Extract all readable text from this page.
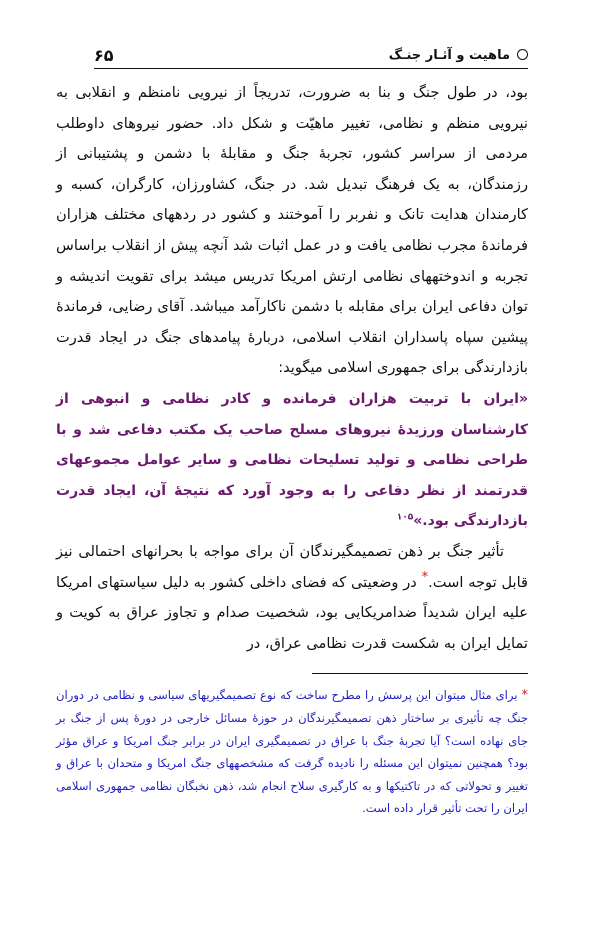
ماهیت و آثـار جنـگ
۶۵

بود، در طول جنگ و بنا به ضرورت، تدریجاً از نیرویی نامنظم و انقلابی به نیرویی منظم و نظامی، تغییر ماهیّت و شکل داد. حضور نیروهای داوطلب مردمی از سراسر کشور، تجربهٔ جنگ و مقابلهٔ با دشمن و پشتیبانی از رزمندگان، به یک فرهنگ تبدیل شد. در جنگ، کشاورزان، کارگران، کسبه و کارمندان هدایت تانک و نفربر را آموختند و کشور در ردههای مختلف هزاران فرماندهٔ مجرب نظامی یافت و در عمل اثبات شد آنچه پیش از انقلاب براساس تجربه و اندوختههای نظامی ارتش امریکا تدریس میشد برای تقویت اندیشه و توان دفاعی ایران برای مقابله با دشمن ناکارآمد میباشد. آقای رضایی، فرماندهٔ پیشین سپاه پاسداران انقلاب اسلامی، دربارهٔ پیامدهای جنگ در ایجاد قدرت بازدارندگی برای جمهوری اسلامی میگوید:

«ایران با تربیت هزاران فرمانده و کادر نظامی و انبوهی از کارشناسان ورزیدهٔ نیروهای مسلح صاحب یک مکتب دفاعی شد و با طراحی نظامی و تولید تسلیحات نظامی و سایر عوامل مجموعهای قدرتمند از نظر دفاعی را به وجود آورد که نتیجهٔ آن، ایجاد قدرت بازدارندگی بود.»$^{۱۰۵}$

تأثیر جنگ بر ذهن تصمیمگیرندگان آن برای مواجه با بحرانهای احتمالی نیز قابل توجه است.* در وضعیتی که فضای داخلی کشور به دلیل سیاستهای امریکا علیه ایران شدیداً ضدامریکایی بود، شخصیت صدام و تجاوز عراق به کویت و تمایل ایران به شکست قدرت نظامی عراق، در

*برای مثال میتوان این پرسش را مطرح ساخت که نوع تصمیمگیریهای سیاسی و نظامی در دوران جنگ چه تأثیری بر ساختار ذهن تصمیمگیرندگان در حوزهٔ مسائل خارجی در دورهٔ پس از جنگ بر جای نهاده است؟ آیا تجربهٔ جنگ با عراق در تصمیمگیری ایران در برابر جنگ امریکا و عراق مؤثر بود؟ همچنین نمیتوان این مسئله را نادیده گرفت که مشخصههای جنگ امریکا و متحدان با عراق و تغییر و تحولاتی که در تاکتیکها و به کارگیری سلاح انجام شد، ذهن نخبگان نظامی جمهوری اسلامی ایران را تحت تأثیر قرار داده است.
